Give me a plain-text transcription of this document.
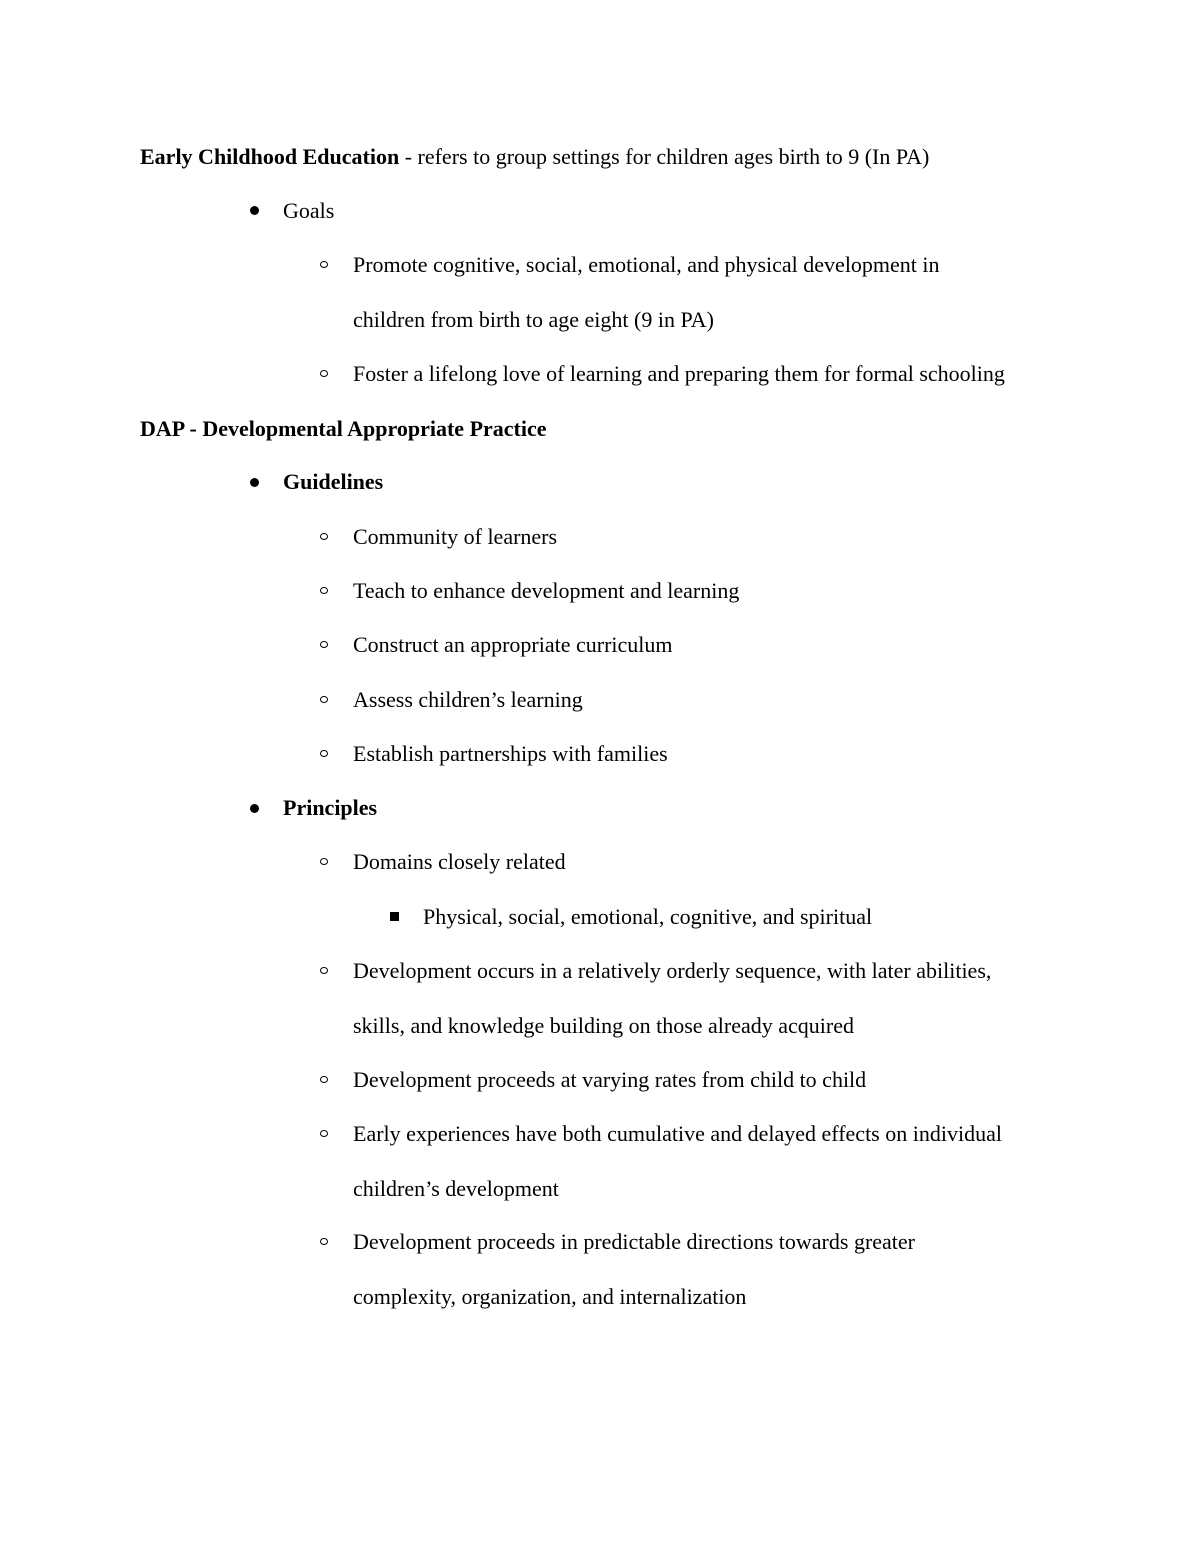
Early Childhood Education - refers to group settings for children ages birth to 9 (In PA)
Goals
Promote cognitive, social, emotional, and physical development in
children from birth to age eight (9 in PA)
Foster a lifelong love of learning and preparing them for formal schooling
DAP - Developmental Appropriate Practice
Guidelines
Community of learners
Teach to enhance development and learning
Construct an appropriate curriculum
Assess children’s learning
Establish partnerships with families
Principles
Domains closely related
Physical, social, emotional, cognitive, and spiritual
Development occurs in a relatively orderly sequence, with later abilities,
skills, and knowledge building on those already acquired
Development proceeds at varying rates from child to child
Early experiences have both cumulative and delayed effects on individual
children’s development
Development proceeds in predictable directions towards greater
complexity, organization, and internalization
